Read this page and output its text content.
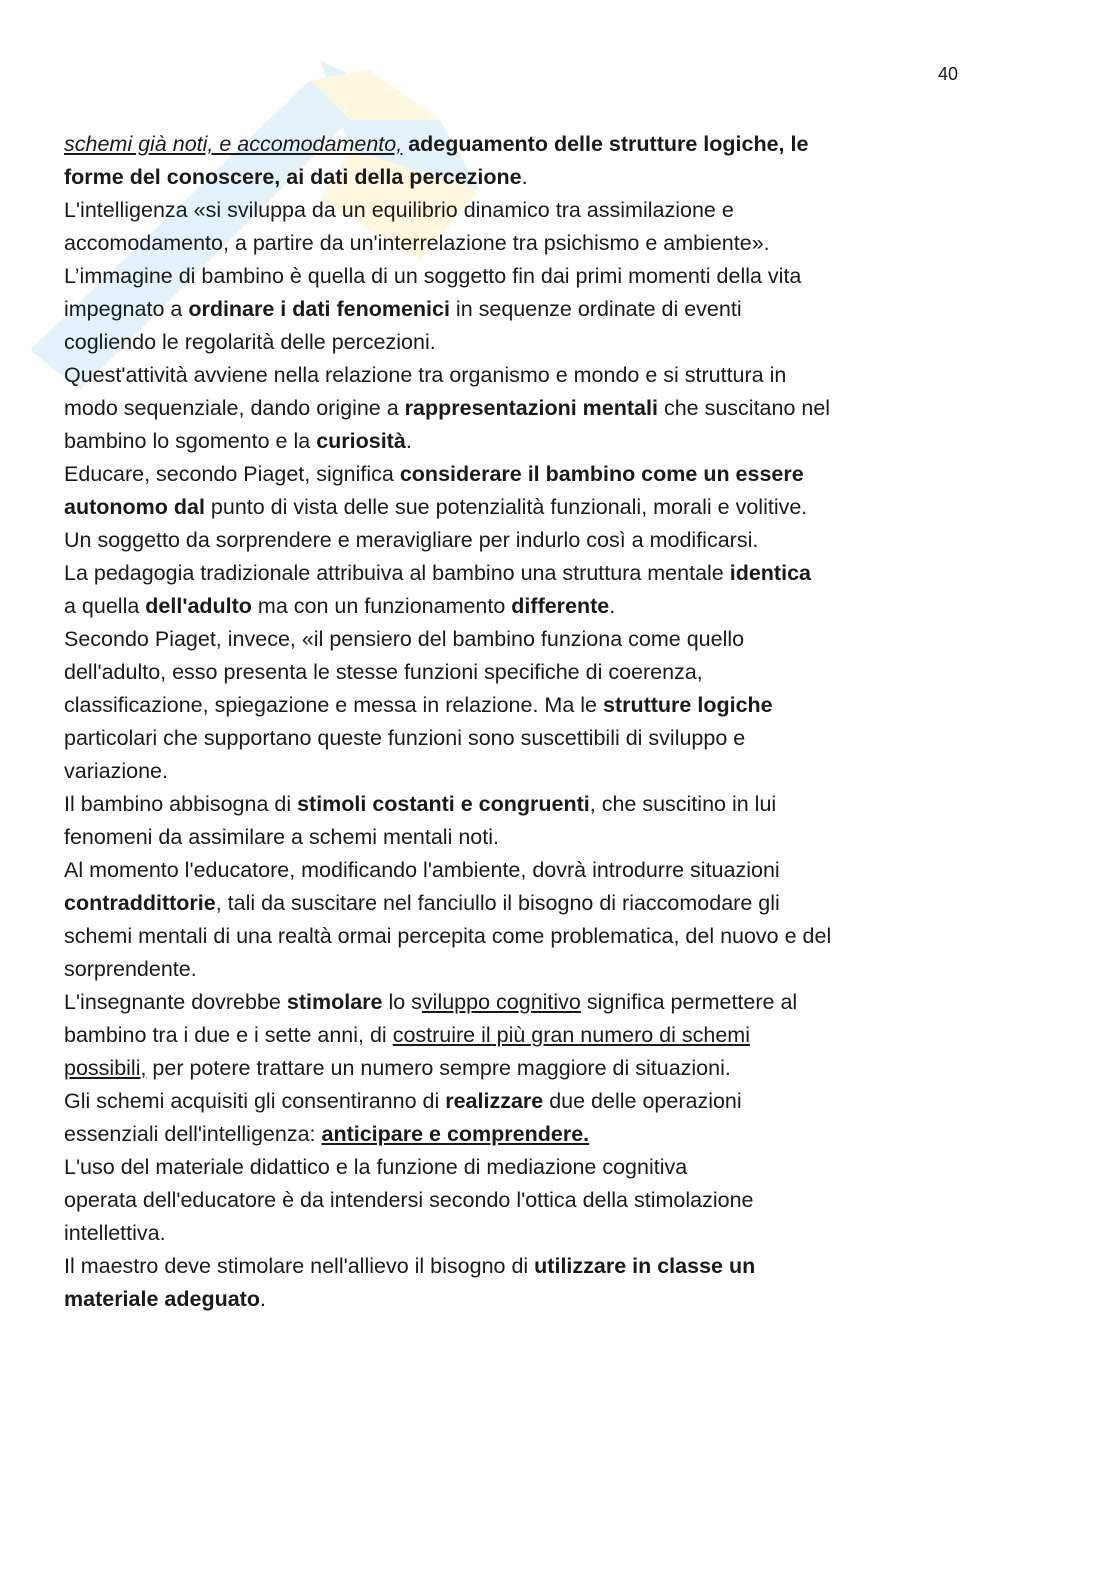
40
schemi già noti, e accomodamento, adeguamento delle strutture logiche, le
forme del conoscere, ai dati della percezione.
L'intelligenza «si sviluppa da un equilibrio dinamico tra assimilazione e
accomodamento, a partire da un'interrelazione tra psichismo e ambiente».
L’immagine di bambino è quella di un soggetto fin dai primi momenti della vita
impegnato a ordinare i dati fenomenici in sequenze ordinate di eventi
cogliendo le regolarità delle percezioni.
Quest'attività avviene nella relazione tra organismo e mondo e si struttura in
modo sequenziale, dando origine a rappresentazioni mentali che suscitano nel
bambino lo sgomento e la curiosità.
Educare, secondo Piaget, significa considerare il bambino come un essere
autonomo dal punto di vista delle sue potenzialità funzionali, morali e volitive.
Un soggetto da sorprendere e meravigliare per indurlo così a modificarsi.
La pedagogia tradizionale attribuiva al bambino una struttura mentale identica
a quella dell'adulto ma con un funzionamento differente.
Secondo Piaget, invece, «il pensiero del bambino funziona come quello
dell'adulto, esso presenta le stesse funzioni specifiche di coerenza,
classificazione, spiegazione e messa in relazione. Ma le strutture logiche
particolari che supportano queste funzioni sono suscettibili di sviluppo e
variazione.
Il bambino abbisogna di stimoli costanti e congruenti, che suscitino in lui
fenomeni da assimilare a schemi mentali noti.
Al momento l'educatore, modificando l'ambiente, dovrà introdurre situazioni
contraddittorie, tali da suscitare nel fanciullo il bisogno di riaccomodare gli
schemi mentali di una realtà ormai percepita come problematica, del nuovo e del
sorprendente.
L'insegnante dovrebbe stimolare lo sviluppo cognitivo significa permettere al
bambino tra i due e i sette anni, di costruire il più gran numero di schemi
possibili, per potere trattare un numero sempre maggiore di situazioni.
Gli schemi acquisiti gli consentiranno di realizzare due delle operazioni
essenziali dell'intelligenza: anticipare e comprendere.
L'uso del materiale didattico e la funzione di mediazione cognitiva
operata dell'educatore è da intendersi secondo l'ottica della stimolazione
intellettiva.
Il maestro deve stimolare nell'allievo il bisogno di utilizzare in classe un
materiale adeguato.
